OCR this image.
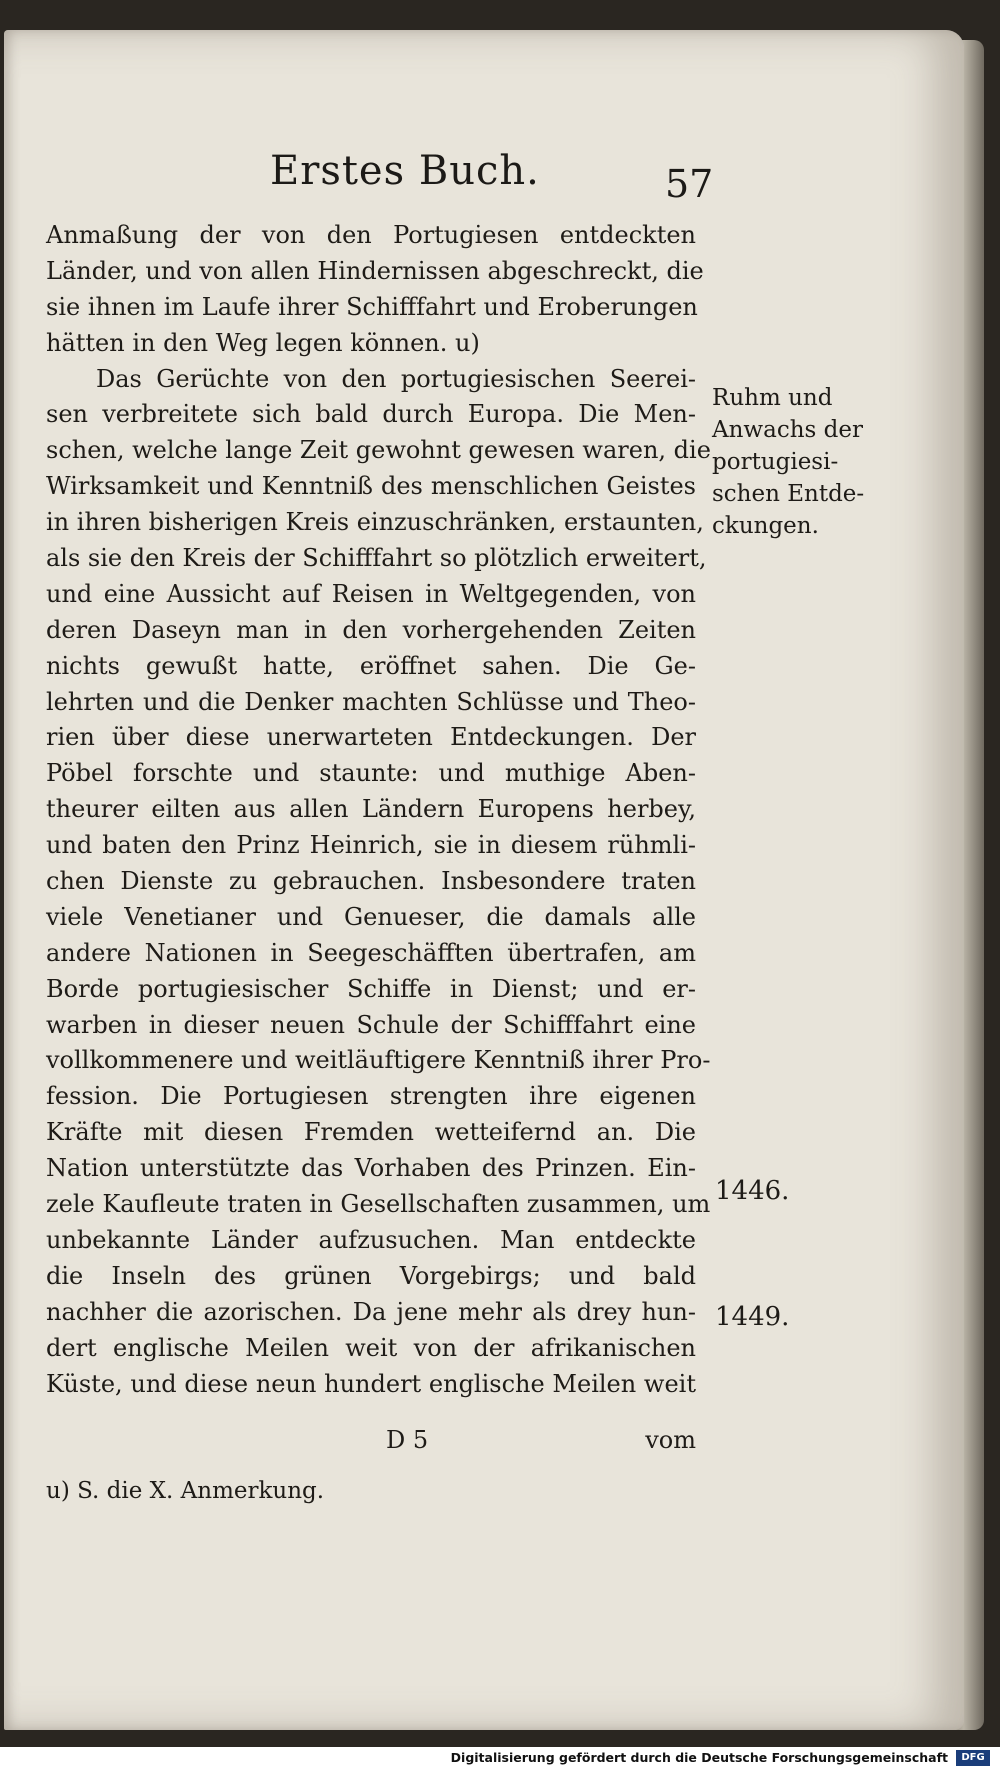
Erstes Buch.	57
Anmaßung der von den Portugiesen entdeckten
Länder, und von allen Hindernissen abgeschreckt, die
sie ihnen im Laufe ihrer Schifffahrt und Eroberungen
hätten in den Weg legen können. u)
Das Gerüchte von den portugiesischen Seerei-
sen verbreitete sich bald durch Europa. Die Men-
schen, welche lange Zeit gewohnt gewesen waren, die
Wirksamkeit und Kenntniß des menschlichen Geistes
in ihren bisherigen Kreis einzuschränken, erstaunten,
als sie den Kreis der Schifffahrt so plötzlich erweitert,
und eine Aussicht auf Reisen in Weltgegenden, von
deren Daseyn man in den vorhergehenden Zeiten
nichts gewußt hatte, eröffnet sahen. Die Ge-
lehrten und die Denker machten Schlüsse und Theo-
rien über diese unerwarteten Entdeckungen. Der
Pöbel forschte und staunte: und muthige Aben-
theurer eilten aus allen Ländern Europens herbey,
und baten den Prinz Heinrich, sie in diesem rühmli-
chen Dienste zu gebrauchen. Insbesondere traten
viele Venetianer und Genueser, die damals alle
andere Nationen in Seegeschäfften übertrafen, am
Borde portugiesischer Schiffe in Dienst; und er-
warben in dieser neuen Schule der Schifffahrt eine
vollkommenere und weitläuftigere Kenntniß ihrer Pro-
fession. Die Portugiesen strengten ihre eigenen
Kräfte mit diesen Fremden wetteifernd an. Die
Nation unterstützte das Vorhaben des Prinzen. Ein-
zele Kaufleute traten in Gesellschaften zusammen, um
unbekannte Länder aufzusuchen. Man entdeckte
die Inseln des grünen Vorgebirgs; und bald
nachher die azorischen. Da jene mehr als drey hun-
dert englische Meilen weit von der afrikanischen
Küste, und diese neun hundert englische Meilen weit
Ruhm und
Anwachs der
portugiesi-
schen Entde-
ckungen.
1446.
1449.
D 5	vom
u) S. die X. Anmerkung.
Digitalisierung gefördert durch die Deutsche Forschungsgemeinschaft	DFG
